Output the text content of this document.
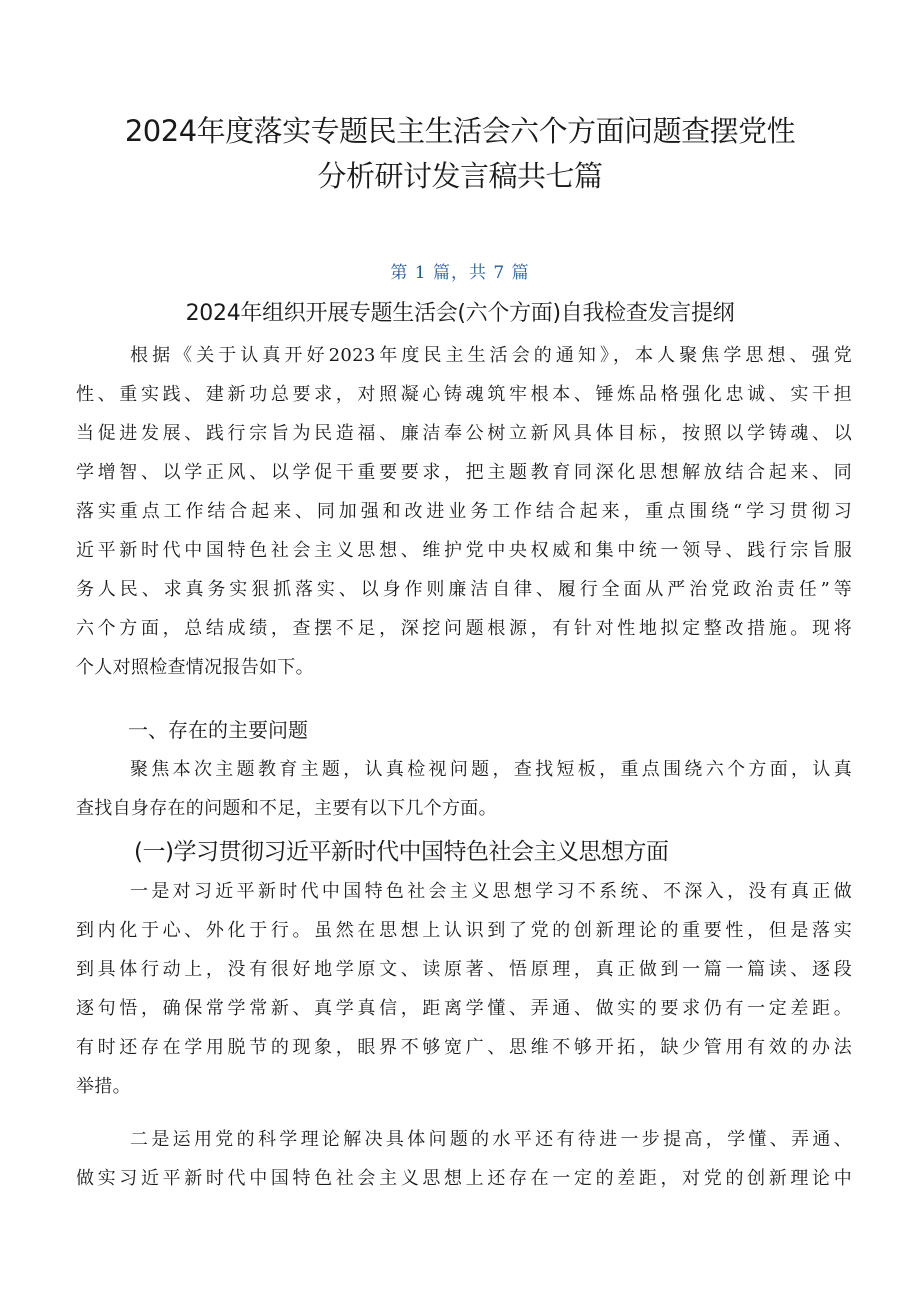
2024年度落实专题民主生活会六个方面问题查摆党性
分析研讨发言稿共七篇
第 1 篇，共 7 篇
2024年组织开展专题生活会(六个方面)自我检查发言提纲
根据《关于认真开好2023年度民主生活会的通知》，本人聚焦学思想、强党
性、重实践、建新功总要求，对照凝心铸魂筑牢根本、锤炼品格强化忠诚、实干担
当促进发展、践行宗旨为民造福、廉洁奉公树立新风具体目标，按照以学铸魂、以
学增智、以学正风、以学促干重要要求，把主题教育同深化思想解放结合起来、同
落实重点工作结合起来、同加强和改进业务工作结合起来，重点围绕“学习贯彻习
近平新时代中国特色社会主义思想、维护党中央权威和集中统一领导、践行宗旨服
务人民、求真务实狠抓落实、以身作则廉洁自律、履行全面从严治党政治责任”等
六个方面，总结成绩，查摆不足，深挖问题根源，有针对性地拟定整改措施。现将
个人对照检查情况报告如下。
一、存在的主要问题
聚焦本次主题教育主题，认真检视问题，查找短板，重点围绕六个方面，认真
查找自身存在的问题和不足，主要有以下几个方面。
(一)学习贯彻习近平新时代中国特色社会主义思想方面
一是对习近平新时代中国特色社会主义思想学习不系统、不深入，没有真正做
到内化于心、外化于行。虽然在思想上认识到了党的创新理论的重要性，但是落实
到具体行动上，没有很好地学原文、读原著、悟原理，真正做到一篇一篇读、逐段
逐句悟，确保常学常新、真学真信，距离学懂、弄通、做实的要求仍有一定差距。
有时还存在学用脱节的现象，眼界不够宽广、思维不够开拓，缺少管用有效的办法
举措。
二是运用党的科学理论解决具体问题的水平还有待进一步提高，学懂、弄通、
做实习近平新时代中国特色社会主义思想上还存在一定的差距，对党的创新理论中
